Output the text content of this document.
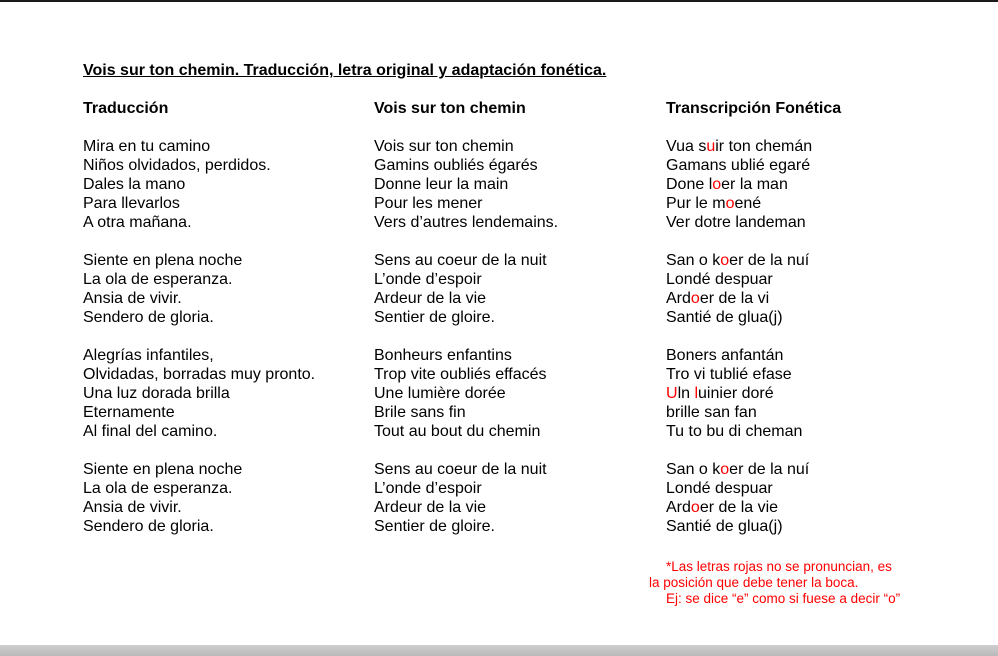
Vois sur ton chemin. Traducción, letra original y adaptación fonética.
Traducción
Mira en tu camino
Niños olvidados, perdidos.
Dales la mano
Para llevarlos
A otra mañana.
Siente en plena noche
La ola de esperanza.
Ansia de vivir.
Sendero de gloria.
Alegrías infantiles,
Olvidadas, borradas muy pronto.
Una luz dorada brilla
Eternamente
Al final del camino.
Siente en plena noche
La ola de esperanza.
Ansia de vivir.
Sendero de gloria.
Vois sur ton chemin
Vois sur ton chemin
Gamins oubliés égarés
Donne leur la main
Pour les mener
Vers d’autres lendemains.
Sens au coeur de la nuit
L’onde d’espoir
Ardeur de la vie
Sentier de gloire.
Bonheurs enfantins
Trop vite oubliés effacés
Une lumière dorée
Brile sans fin
Tout au bout du chemin
Sens au coeur de la nuit
L’onde d’espoir
Ardeur de la vie
Sentier de gloire.
Transcripción Fonética
Vua suir ton chemán
Gamans ublié egaré
Done loer la man
Pur le moené
Ver dotre landeman
San o koer de la nuí
Londé despuar
Ardoer de la vi
Santié de glua(j)
Boners anfantán
Tro vi tublié efase
Uln luinier doré
brille san fan
Tu to bu di cheman
San o koer de la nuí
Londé despuar
Ardoer de la vie
Santié de glua(j)
*Las letras rojas no se pronuncian, es
la posición que debe tener la boca.
Ej: se dice “e” como si fuese a decir “o”
